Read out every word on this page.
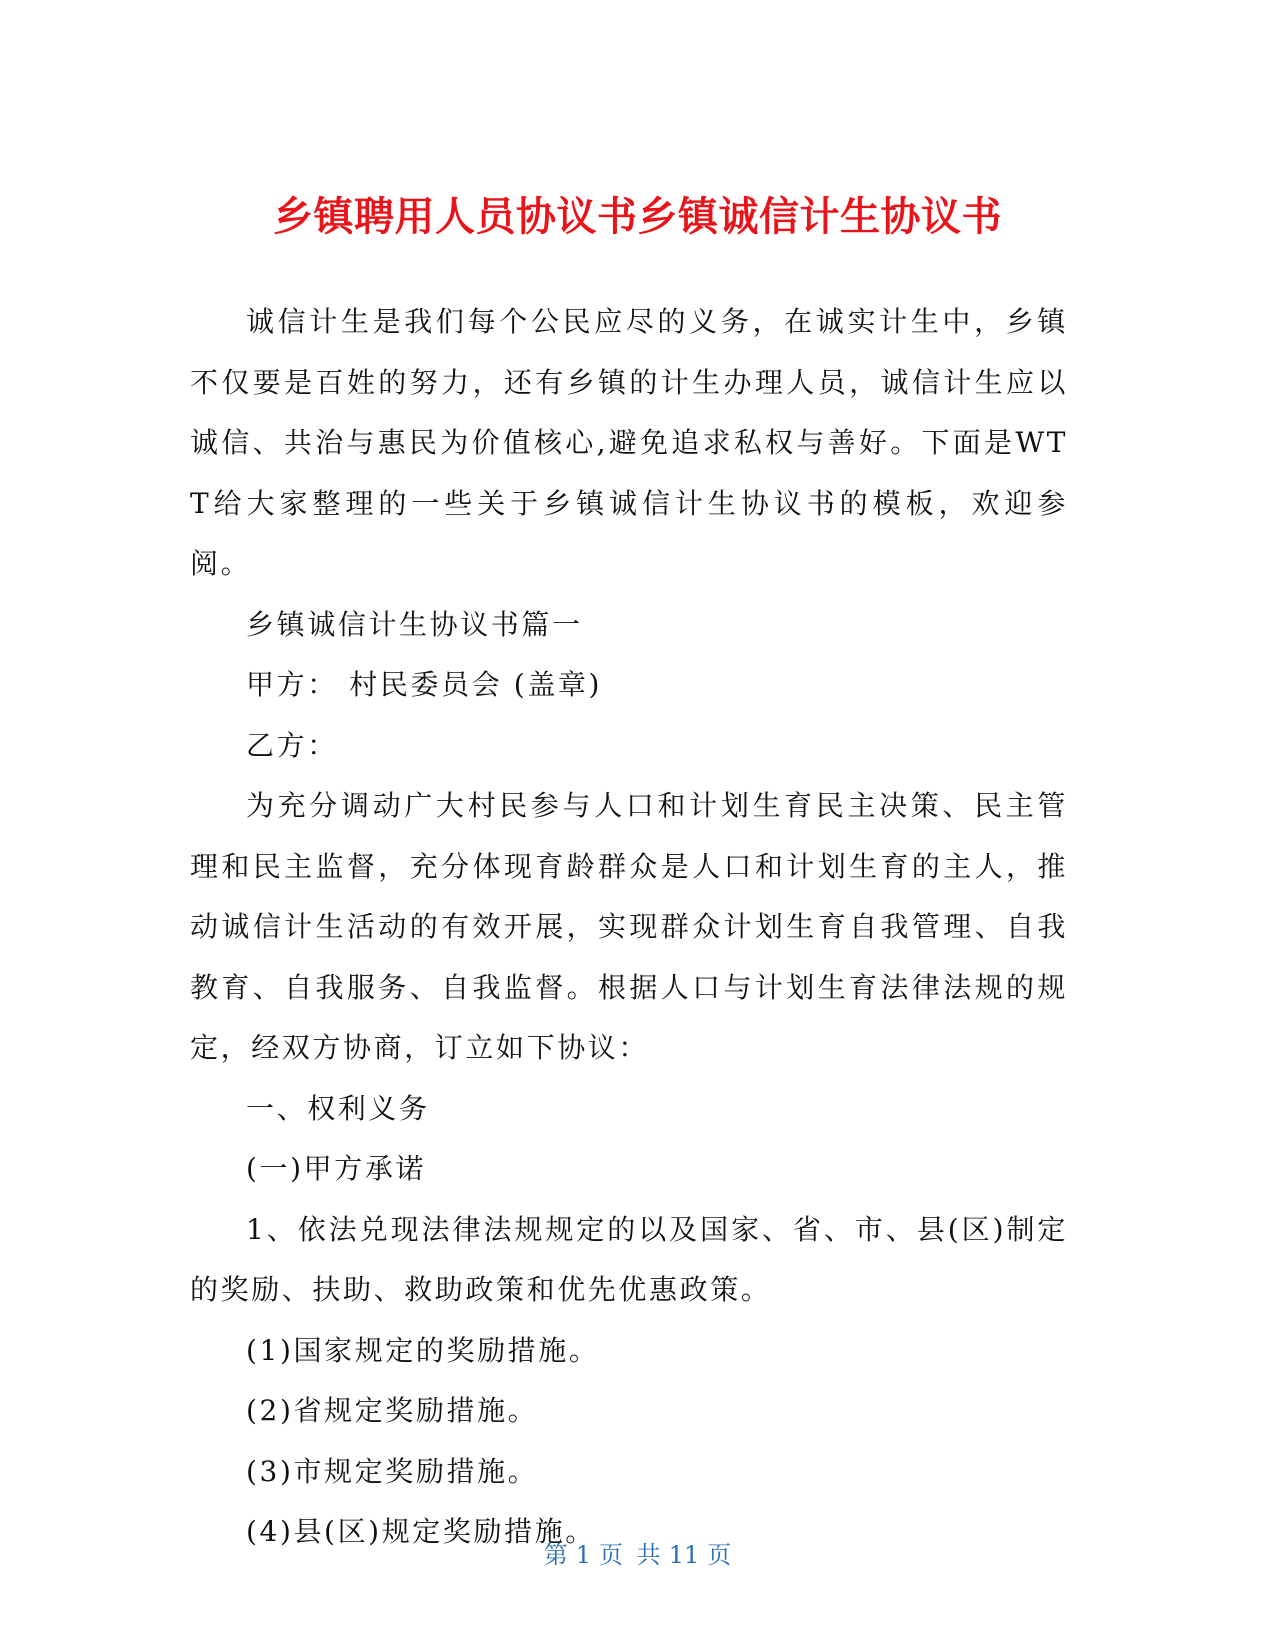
乡镇聘用人员协议书乡镇诚信计生协议书

诚信计生是我们每个公民应尽的义务，在诚实计生中，乡镇不仅要是百姓的努力，还有乡镇的计生办理人员，诚信计生应以诚信、共治与惠民为价值核心,避免追求私权与善好。下面是WTT给大家整理的一些关于乡镇诚信计生协议书的模板，欢迎参阅。

乡镇诚信计生协议书篇一

甲方： 村民委员会 (盖章)

乙方：

为充分调动广大村民参与人口和计划生育民主决策、民主管理和民主监督，充分体现育龄群众是人口和计划生育的主人，推动诚信计生活动的有效开展，实现群众计划生育自我管理、自我教育、自我服务、自我监督。根据人口与计划生育法律法规的规定，经双方协商，订立如下协议：

一、权利义务

(一)甲方承诺

1、依法兑现法律法规规定的以及国家、省、市、县(区)制定的奖励、扶助、救助政策和优先优惠政策。

(1)国家规定的奖励措施。

(2)省规定奖励措施。

(3)市规定奖励措施。

(4)县(区)规定奖励措施。

第 1 页 共 11 页
